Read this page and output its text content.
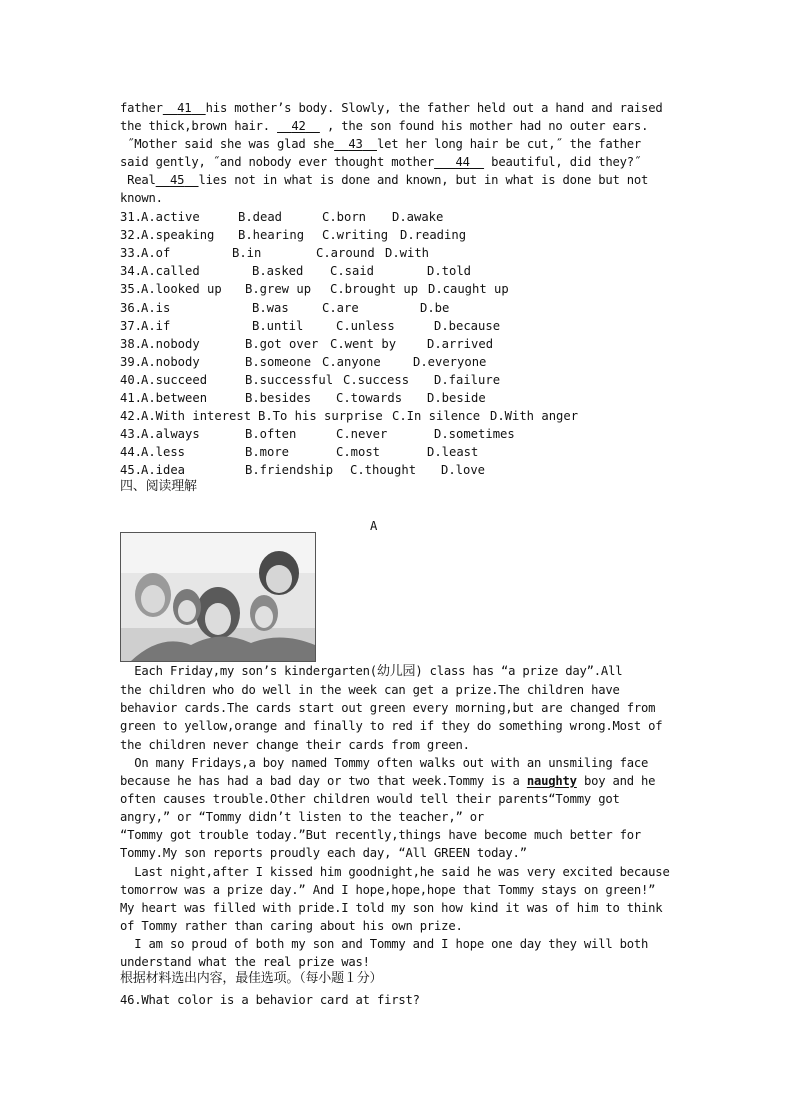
father 41 his mother’s body. Slowly, the father held out a hand and raised
the thick,brown hair. 42 , the son found his mother had no outer ears.
˝Mother said she was glad she 43 let her long hair be cut,˝ the father
said gently, ˝and nobody ever thought mother 44   beautiful, did they?˝
Real 45 lies not in what is done and known, but in what is done but not
known.
31.
A.active	B.dead	C.born D.awake
32.
A.speaking B.hearing C.writing D.reading
33.
A.of	B.in	C.around D.with
34.
A.called	B.asked C.said	D.told
35.
A.looked up B.grew up C.brought up D.caught up
36.
A.is	B.was	C.are	D.be
37.
A.if	B.until	C.unless	D.because
38.
A.nobody	B.got over C.went by	D.arrived
39.
A.nobody	B.someone C.anyone	D.everyone
40.
A.succeed	B.successful C.success D.failure
41.
A.between	B.besides C.towards D.beside
42.
A.With interest B.To his surprise C.In silence D.With anger
43.
A.always	B.often	C.never	D.sometimes
44.
A.less	B.more	C.most	D.least
45.
A.idea	B.friendship C.thought D.love
四、阅读理解
A
Each Friday,my son’s kindergarten(幼儿园) class has “a prize day”.All
the children who do well in the week can get a prize.The children have
behavior cards.The cards start out green every morning,but are changed from
green to yellow,orange and finally to red if they do something wrong.Most of
the children never change their cards from green.
On many Fridays,a boy named Tommy often walks out with an unsmiling face
because he has had a bad day or two that week.Tommy is a naughty boy and he
often causes trouble.Other children would tell their parents“Tommy got
angry,” or “Tommy didn’t listen to the teacher,” or
“Tommy got trouble today.”But recently,things have become much better for
Tommy.My son reports proudly each day, “All GREEN today.”
Last night,after I kissed him goodnight,he said he was very excited because
tomorrow was a prize day.” And I hope,hope,hope that Tommy stays on green!”
My heart was filled with pride.I told my son how kind it was of him to think
of Tommy rather than caring about his own prize.
I am so proud of both my son and Tommy and I hope one day they will both
understand what the real prize was!
根据材料选出内容，最佳选项。（每小题１分）
46.What color is a behavior card at first?
